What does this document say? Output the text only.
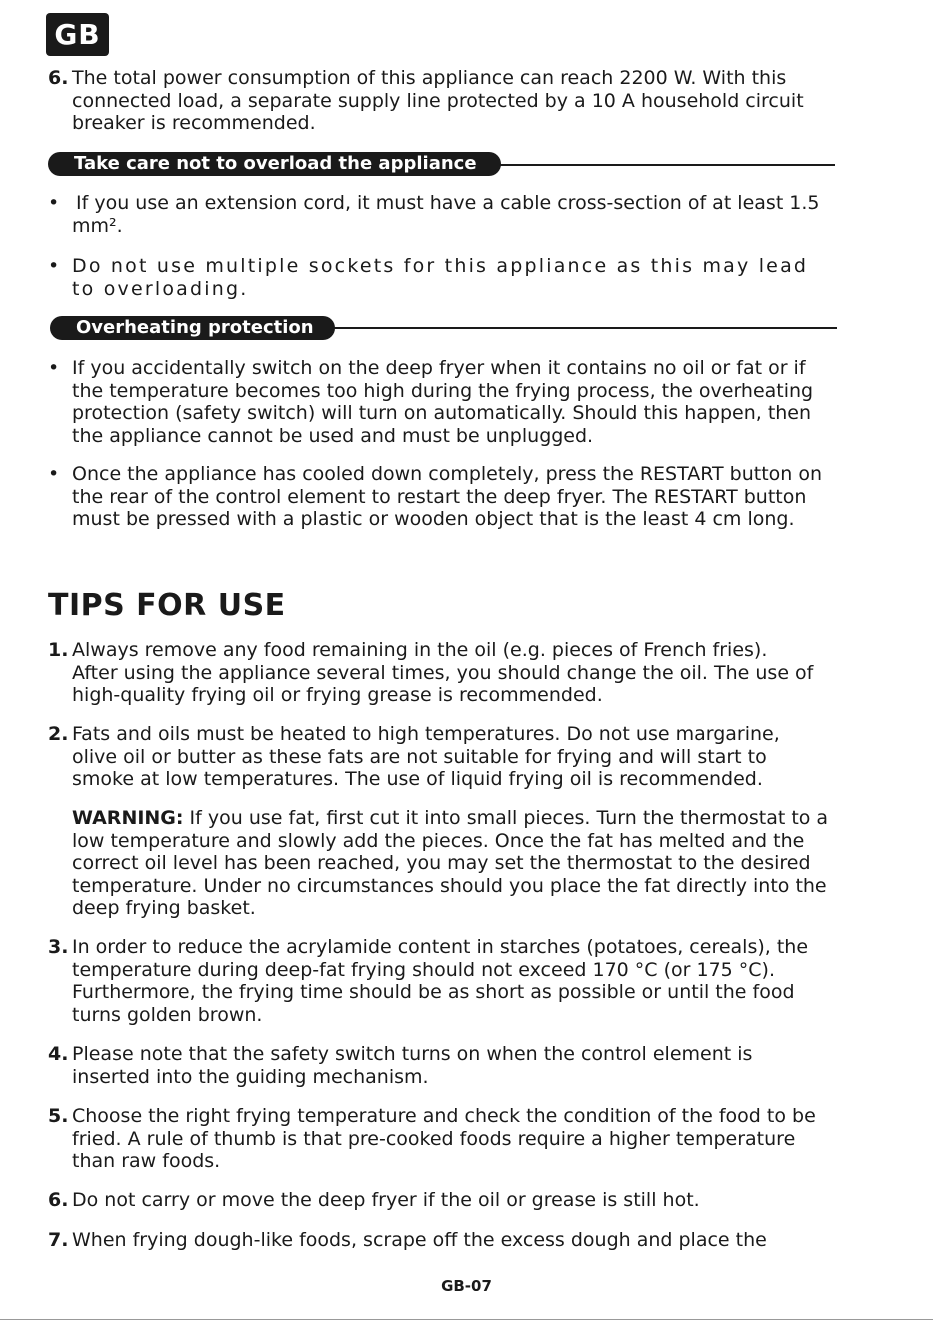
GB
6. The total power consumption of this appliance can reach 2200 W. With this connected load, a separate supply line protected by a 10 A household circuit breaker is recommended.

Take care not to overload the appliance
• If you use an extension cord, it must have a cable cross-section of at least 1.5 mm².

• Do not use multiple sockets for this appliance as this may lead to overloading.

Overheating protection
• If you accidentally switch on the deep fryer when it contains no oil or fat or if the temperature becomes too high during the frying process, the overheating protection (safety switch) will turn on automatically. Should this happen, then the appliance cannot be used and must be unplugged.

• Once the appliance has cooled down completely, press the RESTART button on the rear of the control element to restart the deep fryer. The RESTART button must be pressed with a plastic or wooden object that is the least 4 cm long.

TIPS FOR USE
1. Always remove any food remaining in the oil (e.g. pieces of French fries). After using the appliance several times, you should change the oil. The use of high-quality frying oil or frying grease is recommended.

2. Fats and oils must be heated to high temperatures. Do not use margarine, olive oil or butter as these fats are not suitable for frying and will start to smoke at low temperatures. The use of liquid frying oil is recommended.

WARNING: If you use fat, first cut it into small pieces. Turn the thermostat to a low temperature and slowly add the pieces. Once the fat has melted and the correct oil level has been reached, you may set the thermostat to the desired temperature. Under no circumstances should you place the fat directly into the deep frying basket.

3. In order to reduce the acrylamide content in starches (potatoes, cereals), the temperature during deep-fat frying should not exceed 170 °C (or 175 °C). Furthermore, the frying time should be as short as possible or until the food turns golden brown.

4. Please note that the safety switch turns on when the control element is inserted into the guiding mechanism.

5. Choose the right frying temperature and check the condition of the food to be fried. A rule of thumb is that pre-cooked foods require a higher temperature than raw foods.

6. Do not carry or move the deep fryer if the oil or grease is still hot.

7. When frying dough-like foods, scrape off the excess dough and place the

GB-07
